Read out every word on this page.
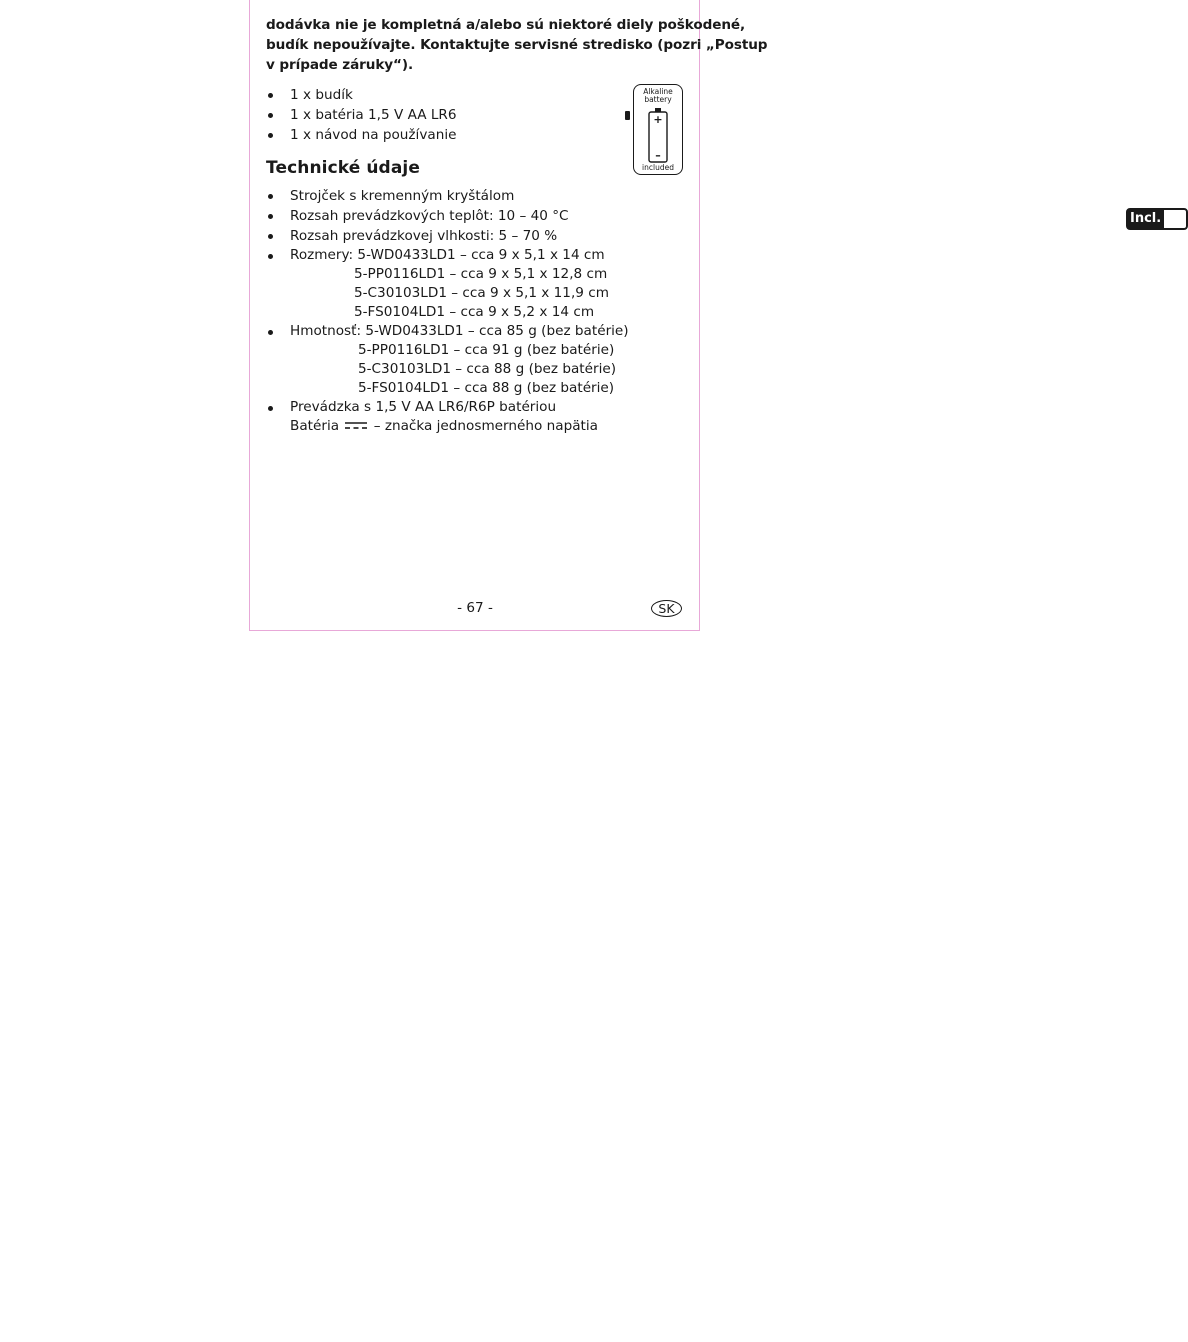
dodávka nie je kompletná a/alebo sú niektoré diely poškodené,
budík nepoužívajte. Kontaktujte servisné stredisko (pozri „Postup
v prípade záruky“).
1 x budík
1 x batéria 1,5 V AA LR6
1 x návod na používanie
Incl.
Alkaline
battery
+
–
included
Technické údaje
Strojček s kremenným kryštálom
Rozsah prevádzkových teplôt: 10 – 40 °C
Rozsah prevádzkovej vlhkosti: 5 – 70 %
Rozmery: 5-WD0433LD1 – cca 9 x 5,1 x 14 cm
5-PP0116LD1 – cca 9 x 5,1 x 12,8 cm
5-C30103LD1 – cca 9 x 5,1 x 11,9 cm
5-FS0104LD1 – cca 9 x 5,2 x 14 cm
Hmotnosť: 5-WD0433LD1 – cca 85 g (bez batérie)
5-PP0116LD1 – cca 91 g (bez batérie)
5-C30103LD1 – cca 88 g (bez batérie)
5-FS0104LD1 – cca 88 g (bez batérie)
Prevádzka s 1,5 V AA LR6/R6P batériou
Batéria	– značka jednosmerného napätia
- 67 -	SK
